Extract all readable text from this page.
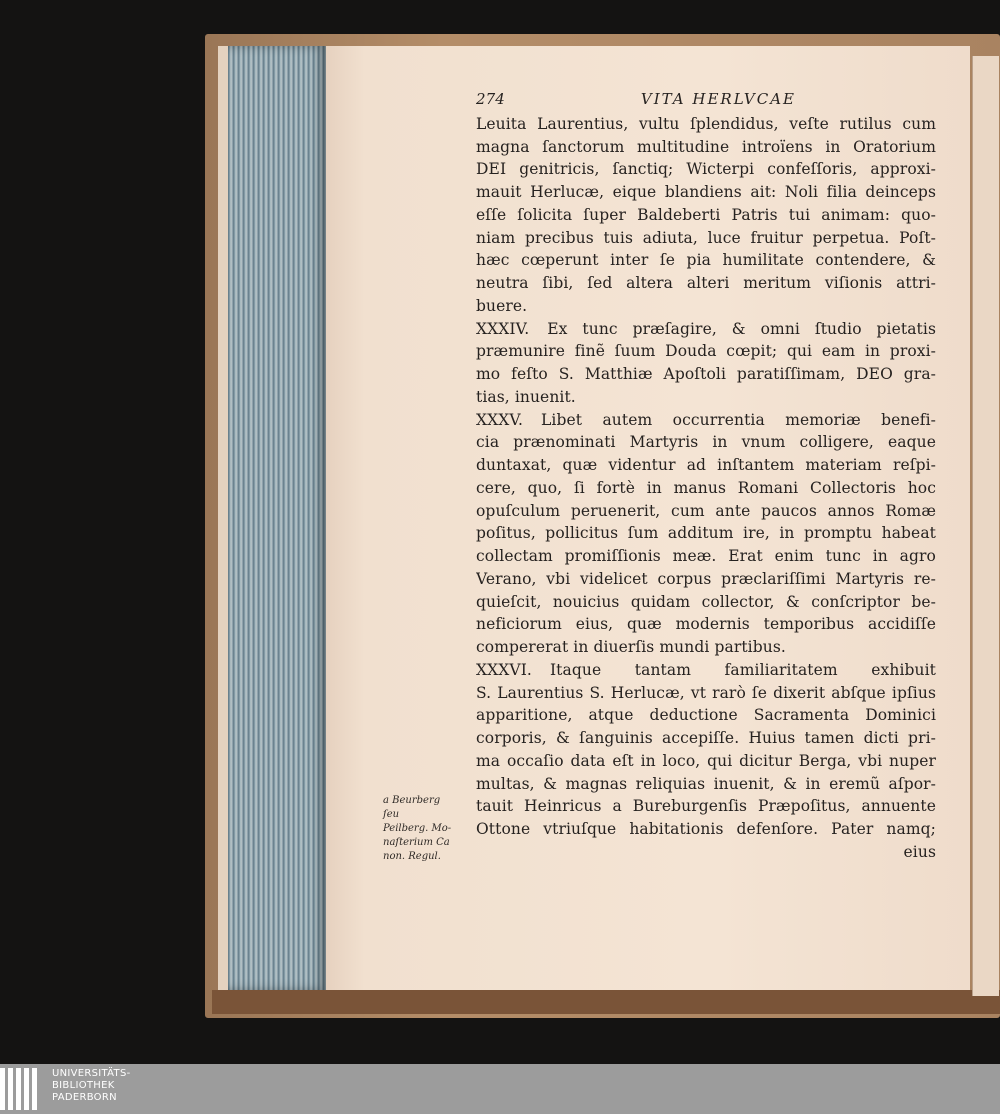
274	VITA HERLVCAE
Leuita Laurentius, vultu ſplendidus, veſte rutilus cum
magna ſanctorum multitudine introïens in Oratorium
DEI genitricis, ſanctiq; Wicterpi confeſſoris, approxi-
mauit Herlucæ, eique blandiens ait: Noli filia deinceps
eſſe ſolicita ſuper Baldeberti Patris tui animam: quo-
niam precibus tuis adiuta, luce fruitur perpetua. Poſt-
hæc cœperunt inter ſe pia humilitate contendere, &
neutra ſibi, ſed altera alteri meritum viſionis attri-
buere.
XXXIV. Ex tunc præſagire, & omni ſtudio pietatis
præmunire finẽ ſuum Douda cœpit; qui eam in proxi-
mo feſto S. Matthiæ Apoſtoli paratiſſimam, DEO gra-
tias, inuenit.
XXXV. Libet autem occurrentia memoriæ benefi-
cia prænominati Martyris in vnum colligere, eaque
duntaxat, quæ videntur ad inſtantem materiam reſpi-
cere, quo, ſi fortè in manus Romani Collectoris hoc
opuſculum peruenerit, cum ante paucos annos Romæ
poſitus, pollicitus ſum additum ire, in promptu habeat
collectam promiſſionis meæ. Erat enim tunc in agro
Verano, vbi videlicet corpus præclariſſimi Martyris re-
quieſcit, nouicius quidam collector, & conſcriptor be-
neficiorum eius, quæ modernis temporibus accidiſſe
compererat in diuerſis mundi partibus.
XXXVI. Itaque tantam familiaritatem exhibuit
S. Laurentius S. Herlucæ, vt rarò ſe dixerit abſque ipſius
apparitione, atque deductione Sacramenta Dominici
corporis, & ſanguinis accepiſſe. Huius tamen dicti pri-
ma occaſio data eſt in loco, qui dicitur Berga, vbi nuper
multas, & magnas reliquias inuenit, & in eremũ aſpor-
tauit Heinricus a Bureburgenſis Præpoſitus, annuente
Ottone vtriuſque habitationis defenſore. Pater namq;
eius
a Beurberg ſeu
Peilberg. Mo-
naſterium Ca
non. Regul.
UNIVERSITÄTS-
BIBLIOTHEK
PADERBORN
